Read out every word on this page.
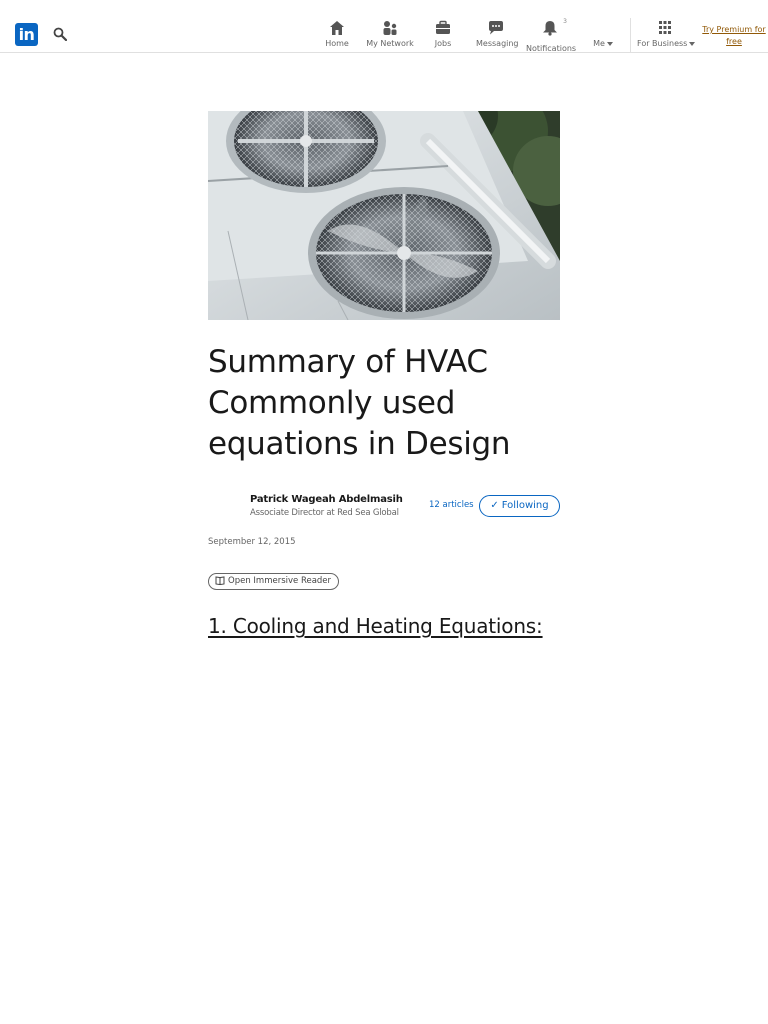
in	Home	My Network	Jobs	Messaging
3
Notifications
Me	For Business
Try Premium for
free
Summary of HVAC Commonly used equations in Design
Patrick Wageah Abdelmasih
Associate Director at Red Sea Global
12 articles	✓ Following
September 12, 2015
Open Immersive Reader
1. Cooling and Heating Equations:
